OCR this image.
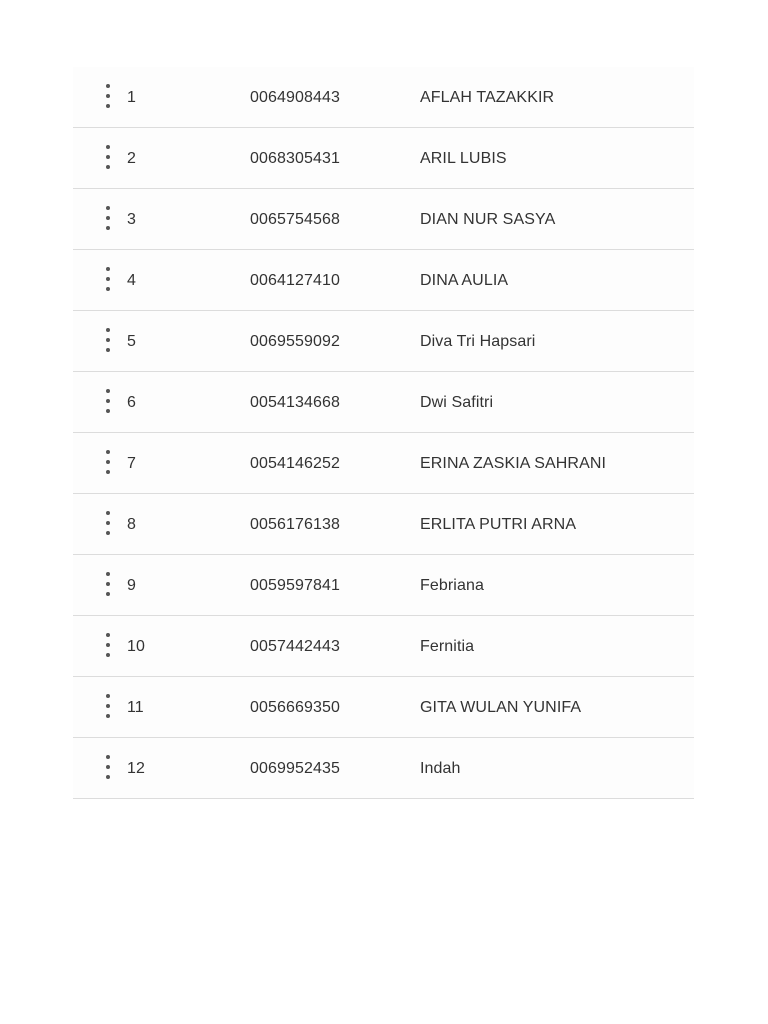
1	0064908443	AFLAH TAZAKKIR
2	0068305431	ARIL LUBIS
3	0065754568	DIAN NUR SASYA
4	0064127410	DINA AULIA
5	0069559092	Diva Tri Hapsari
6	0054134668	Dwi Safitri
7	0054146252	ERINA ZASKIA SAHRANI
8	0056176138	ERLITA PUTRI ARNA
9	0059597841	Febriana
10	0057442443	Fernitia
11	0056669350	GITA WULAN YUNIFA
12	0069952435	Indah
